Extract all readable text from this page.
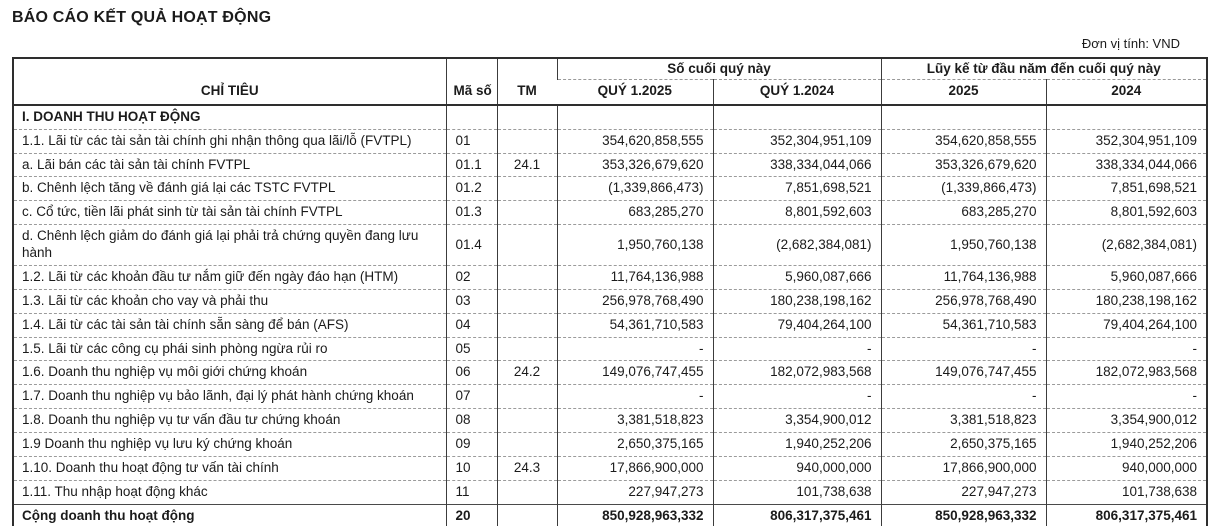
BÁO CÁO KẾT QUẢ HOẠT ĐỘNG
Đơn vị tính: VND
CHỈ TIÊU	Mã số	TM	Số cuối quý này		Lũy kế từ đầu năm đến cuối quý này	
			QUÝ 1.2025	QUÝ 1.2024	2025	2024
I. DOANH THU HOẠT ĐỘNG						
1.1. Lãi từ các tài sản tài chính ghi nhận thông qua lãi/lỗ (FVTPL)	01		354,620,858,555	352,304,951,109	354,620,858,555	352,304,951,109
a. Lãi bán các tài sản tài chính FVTPL	01.1	24.1	353,326,679,620	338,334,044,066	353,326,679,620	338,334,044,066
b. Chênh lệch tăng về đánh giá lại các TSTC FVTPL	01.2		(1,339,866,473)	7,851,698,521	(1,339,866,473)	7,851,698,521
c. Cổ tức, tiền lãi phát sinh từ tài sản tài chính FVTPL	01.3		683,285,270	8,801,592,603	683,285,270	8,801,592,603
d. Chênh lệch giảm do đánh giá lại phải trả chứng quyền đang lưu hành	01.4		1,950,760,138	(2,682,384,081)	1,950,760,138	(2,682,384,081)
1.2. Lãi từ các khoản đầu tư nắm giữ đến ngày đáo hạn (HTM)	02		11,764,136,988	5,960,087,666	11,764,136,988	5,960,087,666
1.3. Lãi từ các khoản cho vay và phải thu	03		256,978,768,490	180,238,198,162	256,978,768,490	180,238,198,162
1.4. Lãi từ các tài sản tài chính sẵn sàng để bán (AFS)	04		54,361,710,583	79,404,264,100	54,361,710,583	79,404,264,100
1.5. Lãi từ các công cụ phái sinh phòng ngừa rủi ro	05		-	-	-	-
1.6. Doanh thu nghiệp vụ môi giới chứng khoán	06	24.2	149,076,747,455	182,072,983,568	149,076,747,455	182,072,983,568
1.7. Doanh thu nghiệp vụ bảo lãnh, đại lý phát hành chứng khoán	07		-	-	-	-
1.8. Doanh thu nghiệp vụ tư vấn đầu tư chứng khoán	08		3,381,518,823	3,354,900,012	3,381,518,823	3,354,900,012
1.9 Doanh thu nghiệp vụ lưu ký chứng khoán	09		2,650,375,165	1,940,252,206	2,650,375,165	1,940,252,206
1.10. Doanh thu hoạt động tư vấn tài chính	10	24.3	17,866,900,000	940,000,000	17,866,900,000	940,000,000
1.11. Thu nhập hoạt động khác	11		227,947,273	101,738,638	227,947,273	101,738,638
Cộng doanh thu hoạt động	20		850,928,963,332	806,317,375,461	850,928,963,332	806,317,375,461
